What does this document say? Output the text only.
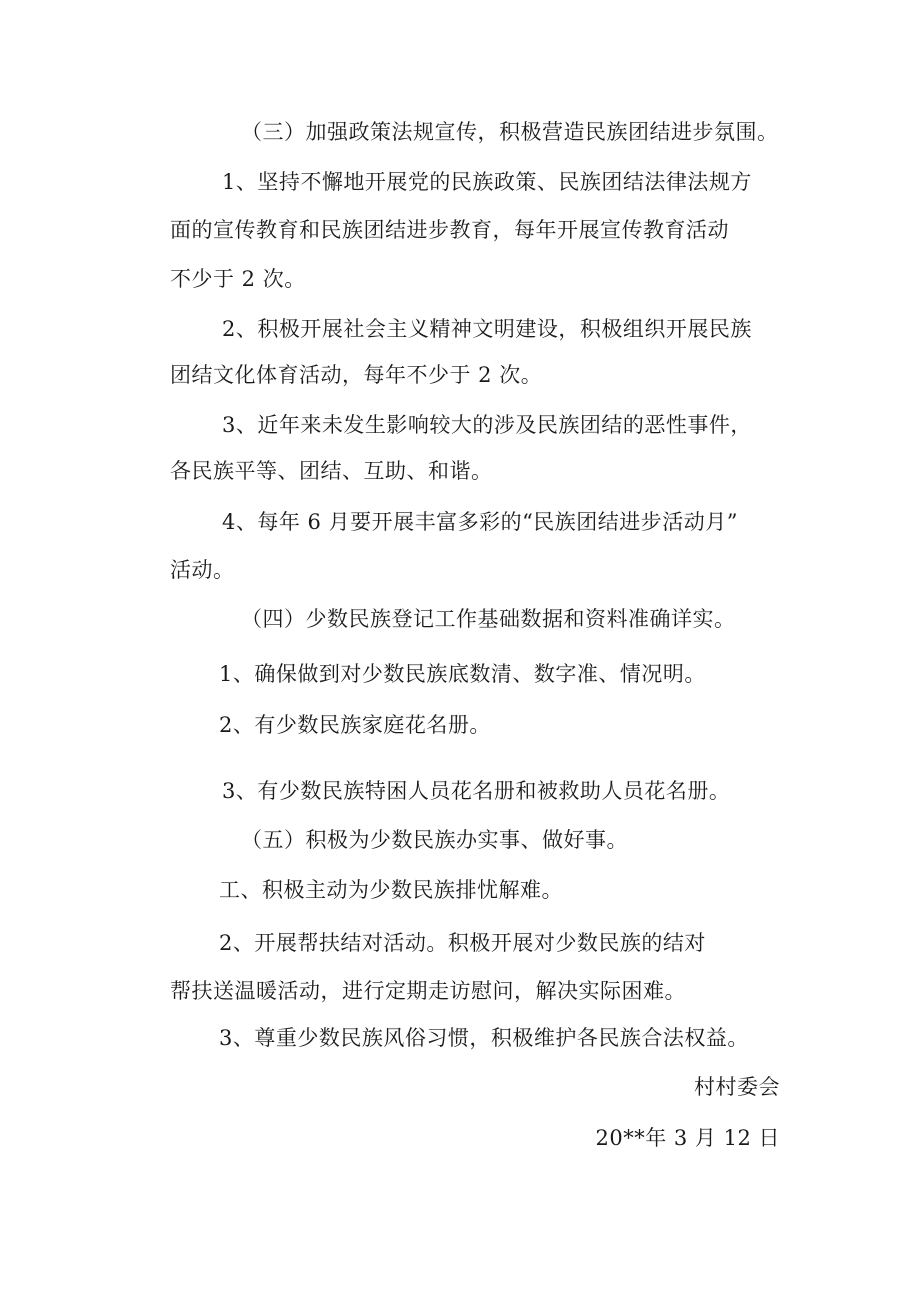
（三）加强政策法规宣传，积极营造民族团结进步氛围。
1、坚持不懈地开展党的民族政策、民族团结法律法规方
面的宣传教育和民族团结进步教育，每年开展宣传教育活动
不少于 2 次。
2、积极开展社会主义精神文明建设，积极组织开展民族
团结文化体育活动，每年不少于 2 次。
3、近年来未发生影响较大的涉及民族团结的恶性事件，
各民族平等、团结、互助、和谐。
4、每年 6 月要开展丰富多彩的“民族团结进步活动月”
活动。
（四）少数民族登记工作基础数据和资料准确详实。
1、确保做到对少数民族底数清、数字准、情况明。
2、有少数民族家庭花名册。
3、有少数民族特困人员花名册和被救助人员花名册。
（五）积极为少数民族办实事、做好事。
工、积极主动为少数民族排忧解难。
2、开展帮扶结对活动。积极开展对少数民族的结对
帮扶送温暖活动，进行定期走访慰问，解决实际困难。
3、尊重少数民族风俗习惯，积极维护各民族合法权益。
村村委会
20**年 3 月 12 日
